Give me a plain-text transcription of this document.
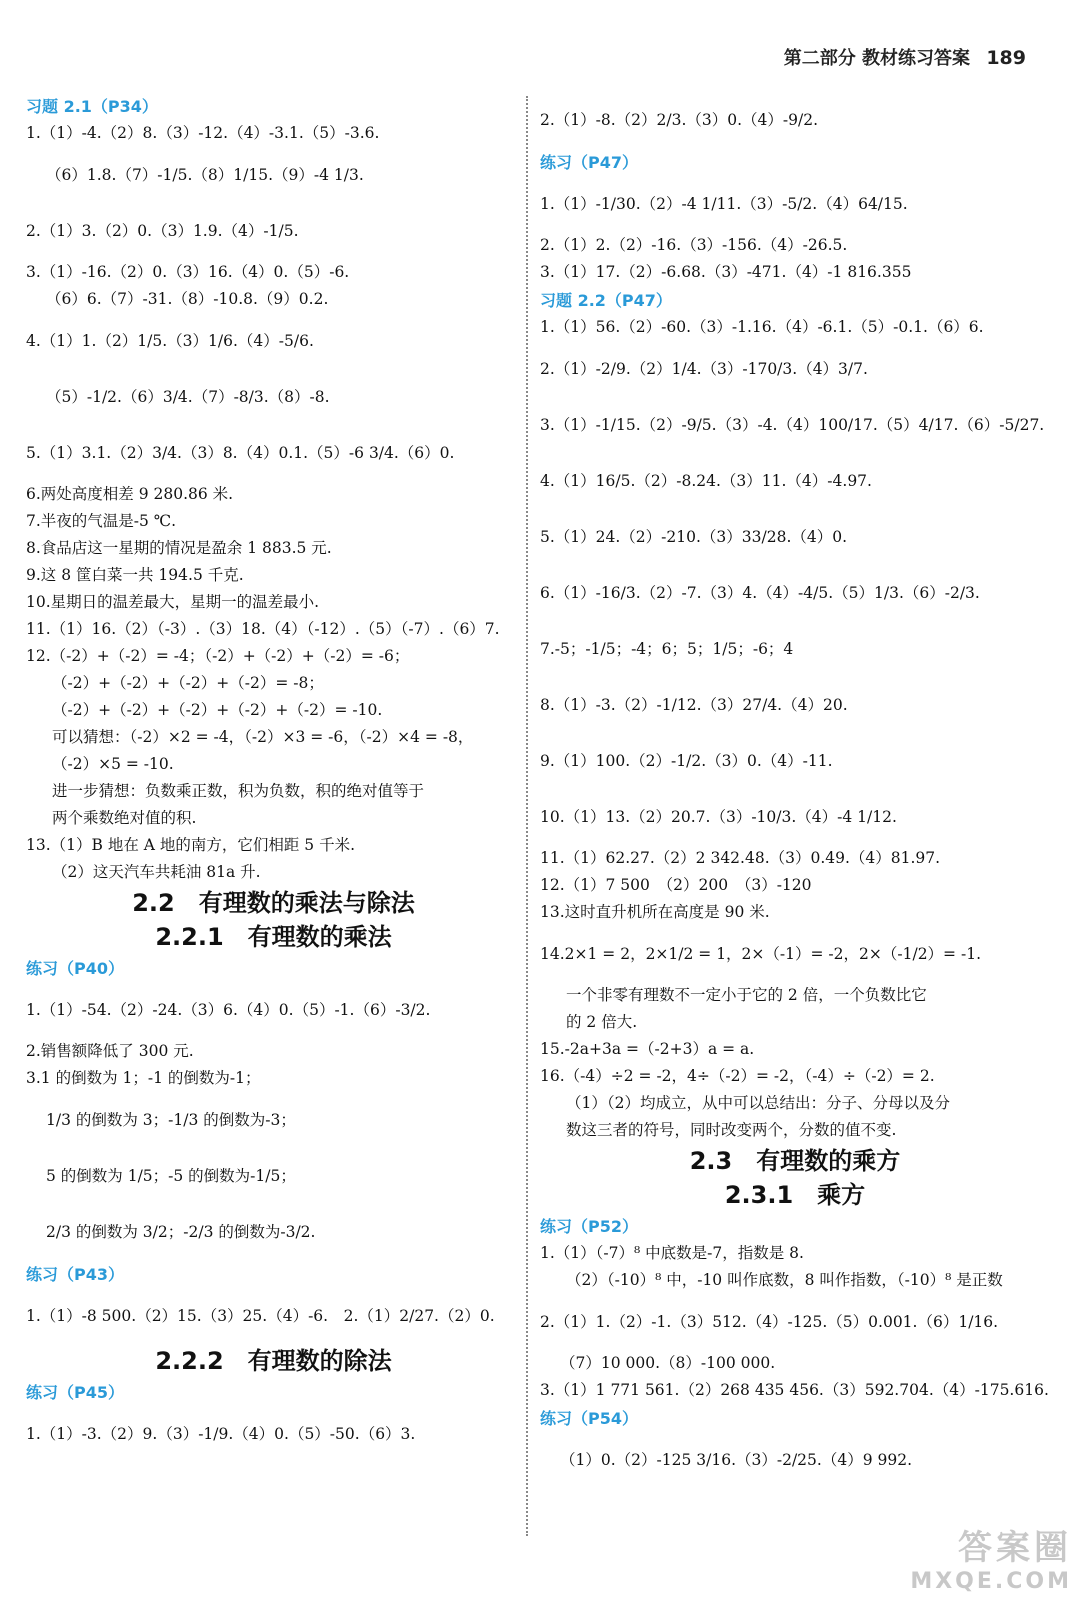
第二部分 教材练习答案 189
习题 2.1（P34）
1.（1）-4.（2）8.（3）-12.（4）-3.1.（5）-3.6.
（6）1.8.（7）-1/5.（8）1/15.（9）-4 1/3.
2.（1）3.（2）0.（3）1.9.（4）-1/5.
3.（1）-16.（2）0.（3）16.（4）0.（5）-6.
（6）6.（7）-31.（8）-10.8.（9）0.2.
4.（1）1.（2）1/5.（3）1/6.（4）-5/6.
（5）-1/2.（6）3/4.（7）-8/3.（8）-8.
5.（1）3.1.（2）3/4.（3）8.（4）0.1.（5）-6 3/4.（6）0.
6.两处高度相差 9 280.86 米.
7.半夜的气温是-5 ℃.
8.食品店这一星期的情况是盈余 1 883.5 元.
9.这 8 筐白菜一共 194.5 千克.
10.星期日的温差最大，星期一的温差最小.
11.（1）16.（2）（-3）.（3）18.（4）（-12）.（5）（-7）.（6）7.
12.（-2）+（-2）= -4；（-2）+（-2）+（-2）= -6；
（-2）+（-2）+（-2）+（-2）= -8；
（-2）+（-2）+（-2）+（-2）+（-2）= -10.
可以猜想：（-2）×2 = -4，（-2）×3 = -6，（-2）×4 = -8，
（-2）×5 = -10.
进一步猜想：负数乘正数，积为负数，积的绝对值等于
两个乘数绝对值的积.
13.（1）B 地在 A 地的南方，它们相距 5 千米.
（2）这天汽车共耗油 81a 升.
2.2　有理数的乘法与除法
2.2.1　有理数的乘法
练习（P40）
1.（1）-54.（2）-24.（3）6.（4）0.（5）-1.（6）-3/2.
2.销售额降低了 300 元.
3.1 的倒数为 1；-1 的倒数为-1；
1/3 的倒数为 3；-1/3 的倒数为-3；
5 的倒数为 1/5；-5 的倒数为-1/5；
2/3 的倒数为 3/2；-2/3 的倒数为-3/2.
练习（P43）
1.（1）-8 500.（2）15.（3）25.（4）-6.　2.（1）2/27.（2）0.
2.2.2　有理数的除法
练习（P45）
1.（1）-3.（2）9.（3）-1/9.（4）0.（5）-50.（6）3.
2.（1）-8.（2）2/3.（3）0.（4）-9/2.
练习（P47）
1.（1）-1/30.（2）-4 1/11.（3）-5/2.（4）64/15.
2.（1）2.（2）-16.（3）-156.（4）-26.5.
3.（1）17.（2）-6.68.（3）-471.（4）-1 816.355
习题 2.2（P47）
1.（1）56.（2）-60.（3）-1.16.（4）-6.1.（5）-0.1.（6）6.
2.（1）-2/9.（2）1/4.（3）-170/3.（4）3/7.
3.（1）-1/15.（2）-9/5.（3）-4.（4）100/17.（5）4/17.（6）-5/27.
4.（1）16/5.（2）-8.24.（3）11.（4）-4.97.
5.（1）24.（2）-210.（3）33/28.（4）0.
6.（1）-16/3.（2）-7.（3）4.（4）-4/5.（5）1/3.（6）-2/3.
7.-5；-1/5；-4；6；5；1/5；-6；4
8.（1）-3.（2）-1/12.（3）27/4.（4）20.
9.（1）100.（2）-1/2.（3）0.（4）-11.
10.（1）13.（2）20.7.（3）-10/3.（4）-4 1/12.
11.（1）62.27.（2）2 342.48.（3）0.49.（4）81.97.
12.（1）7 500　（2）200　（3）-120
13.这时直升机所在高度是 90 米.
14.2×1 = 2，2×1/2 = 1，2×（-1）= -2，2×（-1/2）= -1.
一个非零有理数不一定小于它的 2 倍，一个负数比它
的 2 倍大.
15.-2a+3a =（-2+3）a = a.
16.（-4）÷2 = -2，4÷（-2）= -2，（-4）÷（-2）= 2.
（1）（2）均成立，从中可以总结出：分子、分母以及分
数这三者的符号，同时改变两个，分数的值不变.
2.3　有理数的乘方
2.3.1　乘方
练习（P52）
1.（1）（-7）⁸ 中底数是-7，指数是 8.
（2）（-10）⁸ 中，-10 叫作底数，8 叫作指数，（-10）⁸ 是正数
2.（1）1.（2）-1.（3）512.（4）-125.（5）0.001.（6）1/16.
（7）10 000.（8）-100 000.
3.（1）1 771 561.（2）268 435 456.（3）592.704.（4）-175.616.
练习（P54）
（1）0.（2）-125 3/16.（3）-2/25.（4）9 992.
答案圈
MXQE.COM
